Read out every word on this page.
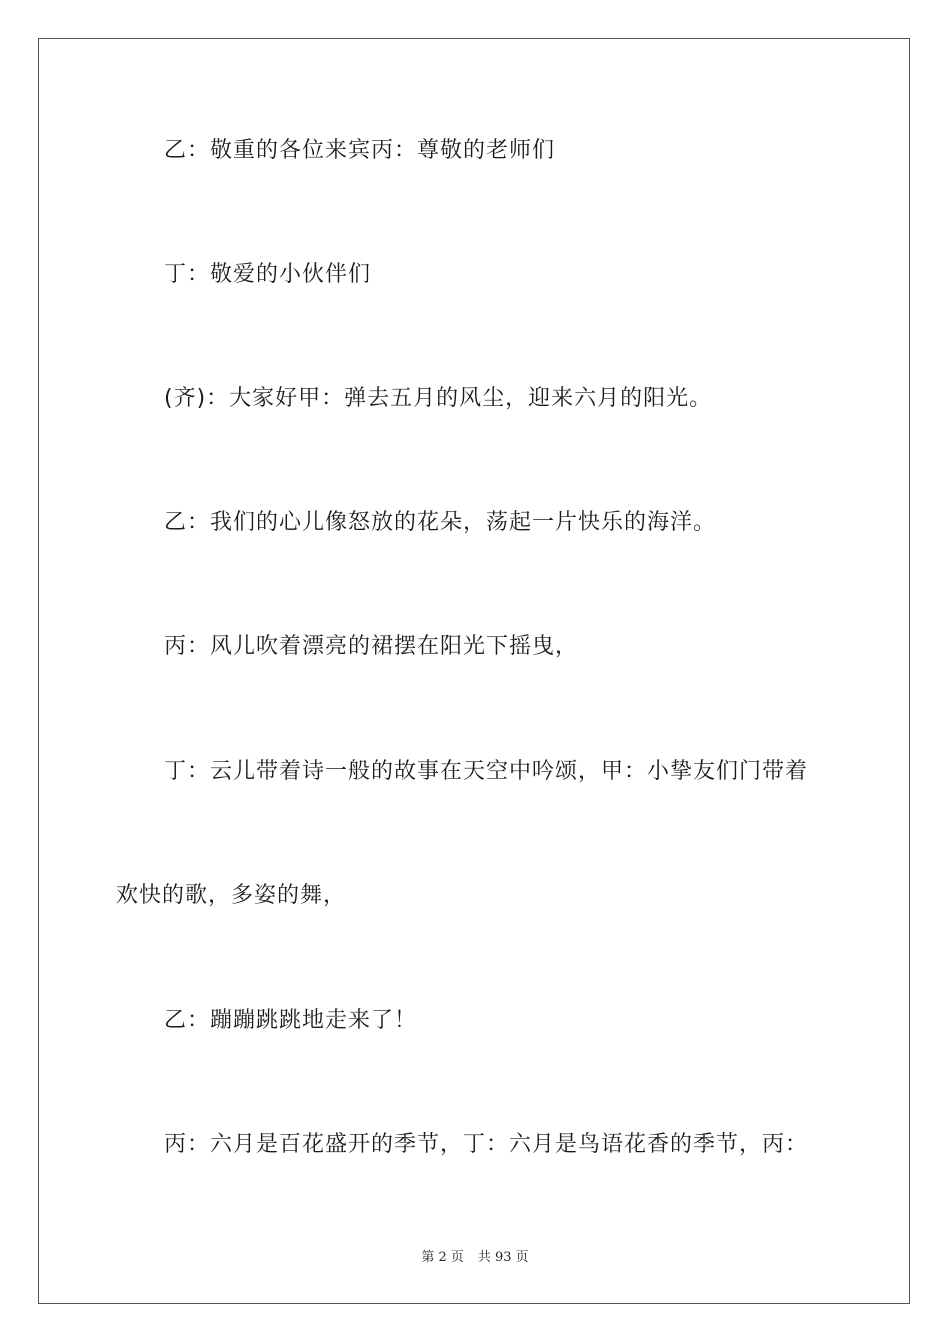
乙：敬重的各位来宾丙：尊敬的老师们
丁：敬爱的小伙伴们
(齐)：大家好甲：弹去五月的风尘，迎来六月的阳光。
乙：我们的心儿像怒放的花朵，荡起一片快乐的海洋。
丙：风儿吹着漂亮的裙摆在阳光下摇曳，
丁：云儿带着诗一般的故事在天空中吟颂，甲：小挚友们门带着
欢快的歌，多姿的舞，
乙：蹦蹦跳跳地走来了！
丙：六月是百花盛开的季节，丁：六月是鸟语花香的季节，丙：
第 2 页 共 93 页
